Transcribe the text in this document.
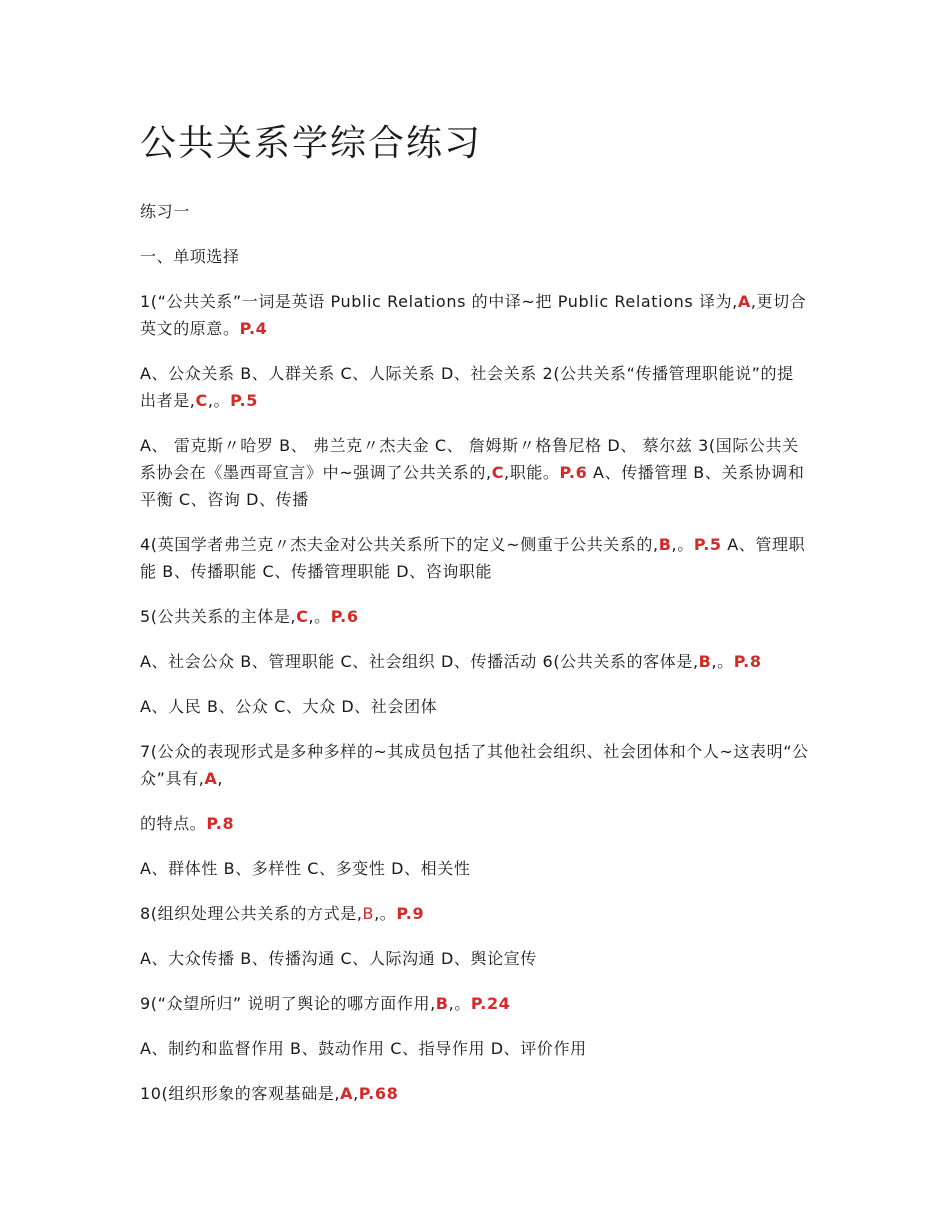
公共关系学综合练习

练习一

一、单项选择

1(“公共关系”一词是英语 Public Relations 的中译~把 Public Relations 译为,A,更切合英文的原意。P.4

A、公众关系 B、人群关系 C、人际关系 D、社会关系 2(公共关系“传播管理职能说”的提出者是,C,。P.5

A、 雷克斯〃哈罗 B、 弗兰克〃杰夫金 C、 詹姆斯〃格鲁尼格 D、 蔡尔兹 3(国际公共关系协会在《墨西哥宣言》中~强调了公共关系的,C,职能。P.6 A、传播管理 B、关系协调和平衡 C、咨询 D、传播

4(英国学者弗兰克〃杰夫金对公共关系所下的定义~侧重于公共关系的,B,。P.5 A、管理职能 B、传播职能 C、传播管理职能 D、咨询职能

5(公共关系的主体是,C,。P.6

A、社会公众 B、管理职能 C、社会组织 D、传播活动 6(公共关系的客体是,B,。P.8

A、人民 B、公众 C、大众 D、社会团体

7(公众的表现形式是多种多样的~其成员包括了其他社会组织、社会团体和个人~这表明“公众”具有,A,

的特点。P.8

A、群体性 B、多样性 C、多变性 D、相关性

8(组织处理公共关系的方式是,B,。P.9

A、大众传播 B、传播沟通 C、人际沟通 D、舆论宣传

9(“众望所归” 说明了舆论的哪方面作用,B,。P.24

A、制约和监督作用 B、鼓动作用 C、指导作用 D、评价作用

10(组织形象的客观基础是,A,P.68
